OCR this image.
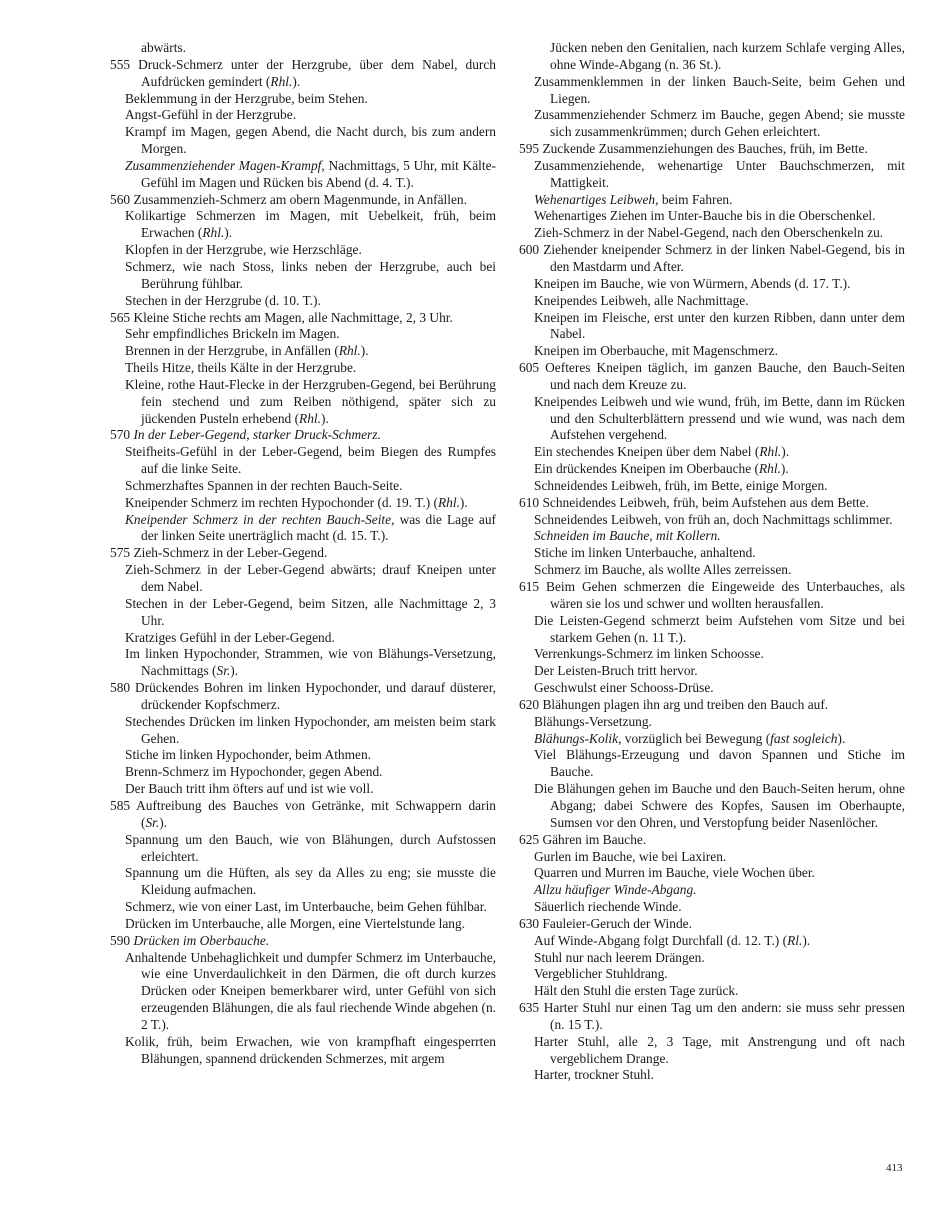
abwärts.
555 Druck-Schmerz unter der Herzgrube, über dem Nabel, durch Aufdrücken gemindert (Rhl.).
Beklemmung in der Herzgrube, beim Stehen.
Angst-Gefühl in der Herzgrube.
Krampf im Magen, gegen Abend, die Nacht durch, bis zum andern Morgen.
Zusammenziehender Magen-Krampf, Nachmittags, 5 Uhr, mit Kälte-Gefühl im Magen und Rücken bis Abend (d. 4. T.).
560 Zusammenzieh-Schmerz am obern Magenmunde, in Anfällen.
Kolikartige Schmerzen im Magen, mit Uebelkeit, früh, beim Erwachen (Rhl.).
Klopfen in der Herzgrube, wie Herzschläge.
Schmerz, wie nach Stoss, links neben der Herzgrube, auch bei Berührung fühlbar.
Stechen in der Herzgrube (d. 10. T.).
565 Kleine Stiche rechts am Magen, alle Nachmittage, 2, 3 Uhr.
Sehr empfindliches Brickeln im Magen.
Brennen in der Herzgrube, in Anfällen (Rhl.).
Theils Hitze, theils Kälte in der Herzgrube.
Kleine, rothe Haut-Flecke in der Herzgruben-Gegend, bei Berührung fein stechend und zum Reiben nöthigend, später sich zu jückenden Pusteln erhebend (Rhl.).
570 In der Leber-Gegend, starker Druck-Schmerz.
Steifheits-Gefühl in der Leber-Gegend, beim Biegen des Rumpfes auf die linke Seite.
Schmerzhaftes Spannen in der rechten Bauch-Seite.
Kneipender Schmerz im rechten Hypochonder (d. 19. T.) (Rhl.).
Kneipender Schmerz in der rechten Bauch-Seite, was die Lage auf der linken Seite unerträglich macht (d. 15. T.).
575 Zieh-Schmerz in der Leber-Gegend.
Zieh-Schmerz in der Leber-Gegend abwärts; drauf Kneipen unter dem Nabel.
Stechen in der Leber-Gegend, beim Sitzen, alle Nachmittage 2, 3 Uhr.
Kratziges Gefühl in der Leber-Gegend.
Im linken Hypochonder, Strammen, wie von Blähungs-Versetzung, Nachmittags (Sr.).
580 Drückendes Bohren im linken Hypochonder, und darauf düsterer, drückender Kopfschmerz.
Stechendes Drücken im linken Hypochonder, am meisten beim stark Gehen.
Stiche im linken Hypochonder, beim Athmen.
Brenn-Schmerz im Hypochonder, gegen Abend.
Der Bauch tritt ihm öfters auf und ist wie voll.
585 Auftreibung des Bauches von Getränke, mit Schwappern darin (Sr.).
Spannung um den Bauch, wie von Blähungen, durch Aufstossen erleichtert.
Spannung um die Hüften, als sey da Alles zu eng; sie musste die Kleidung aufmachen.
Schmerz, wie von einer Last, im Unterbauche, beim Gehen fühlbar.
Drücken im Unterbauche, alle Morgen, eine Viertelstunde lang.
590 Drücken im Oberbauche.
Anhaltende Unbehaglichkeit und dumpfer Schmerz im Unterbauche, wie eine Unverdaulichkeit in den Därmen, die oft durch kurzes Drücken oder Kneipen bemerkbarer wird, unter Gefühl von sich erzeugenden Blähungen, die als faul riechende Winde abgehen (n. 2 T.).
Kolik, früh, beim Erwachen, wie von krampfhaft eingesperrten Blähungen, spannend drückenden Schmerzes, mit argem
Jücken neben den Genitalien, nach kurzem Schlafe verging Alles, ohne Winde-Abgang (n. 36 St.).
Zusammenklemmen in der linken Bauch-Seite, beim Gehen und Liegen.
Zusammenziehender Schmerz im Bauche, gegen Abend; sie musste sich zusammenkrümmen; durch Gehen erleichtert.
595 Zuckende Zusammenziehungen des Bauches, früh, im Bette.
Zusammenziehende, wehenartige Unter Bauchschmerzen, mit Mattigkeit.
Wehenartiges Leibweh, beim Fahren.
Wehenartiges Ziehen im Unter-Bauche bis in die Oberschenkel.
Zieh-Schmerz in der Nabel-Gegend, nach den Oberschenkeln zu.
600 Ziehender kneipender Schmerz in der linken Nabel-Gegend, bis in den Mastdarm und After.
Kneipen im Bauche, wie von Würmern, Abends (d. 17. T.).
Kneipendes Leibweh, alle Nachmittage.
Kneipen im Fleische, erst unter den kurzen Ribben, dann unter dem Nabel.
Kneipen im Oberbauche, mit Magenschmerz.
605 Oefteres Kneipen täglich, im ganzen Bauche, den Bauch-Seiten und nach dem Kreuze zu.
Kneipendes Leibweh und wie wund, früh, im Bette, dann im Rücken und den Schulterblättern pressend und wie wund, was nach dem Aufstehen vergehend.
Ein stechendes Kneipen über dem Nabel (Rhl.).
Ein drückendes Kneipen im Oberbauche (Rhl.).
Schneidendes Leibweh, früh, im Bette, einige Morgen.
610 Schneidendes Leibweh, früh, beim Aufstehen aus dem Bette.
Schneidendes Leibweh, von früh an, doch Nachmittags schlimmer.
Schneiden im Bauche, mit Kollern.
Stiche im linken Unterbauche, anhaltend.
Schmerz im Bauche, als wollte Alles zerreissen.
615 Beim Gehen schmerzen die Eingeweide des Unterbauches, als wären sie los und schwer und wollten herausfallen.
Die Leisten-Gegend schmerzt beim Aufstehen vom Sitze und bei starkem Gehen (n. 11 T.).
Verrenkungs-Schmerz im linken Schoosse.
Der Leisten-Bruch tritt hervor.
Geschwulst einer Schooss-Drüse.
620 Blähungen plagen ihn arg und treiben den Bauch auf.
Blähungs-Versetzung.
Blähungs-Kolik, vorzüglich bei Bewegung (fast sogleich).
Viel Blähungs-Erzeugung und davon Spannen und Stiche im Bauche.
Die Blähungen gehen im Bauche und den Bauch-Seiten herum, ohne Abgang; dabei Schwere des Kopfes, Sausen im Oberhaupte, Sumsen vor den Ohren, und Verstopfung beider Nasenlöcher.
625 Gähren im Bauche.
Gurlen im Bauche, wie bei Laxiren.
Quarren und Murren im Bauche, viele Wochen über.
Allzu häufiger Winde-Abgang.
Säuerlich riechende Winde.
630 Fauleier-Geruch der Winde.
Auf Winde-Abgang folgt Durchfall (d. 12. T.) (Rl.).
Stuhl nur nach leerem Drängen.
Vergeblicher Stuhldrang.
Hält den Stuhl die ersten Tage zurück.
635 Harter Stuhl nur einen Tag um den andern: sie muss sehr pressen (n. 15 T.).
Harter Stuhl, alle 2, 3 Tage, mit Anstrengung und oft nach vergeblichem Drange.
Harter, trockner Stuhl.
413
